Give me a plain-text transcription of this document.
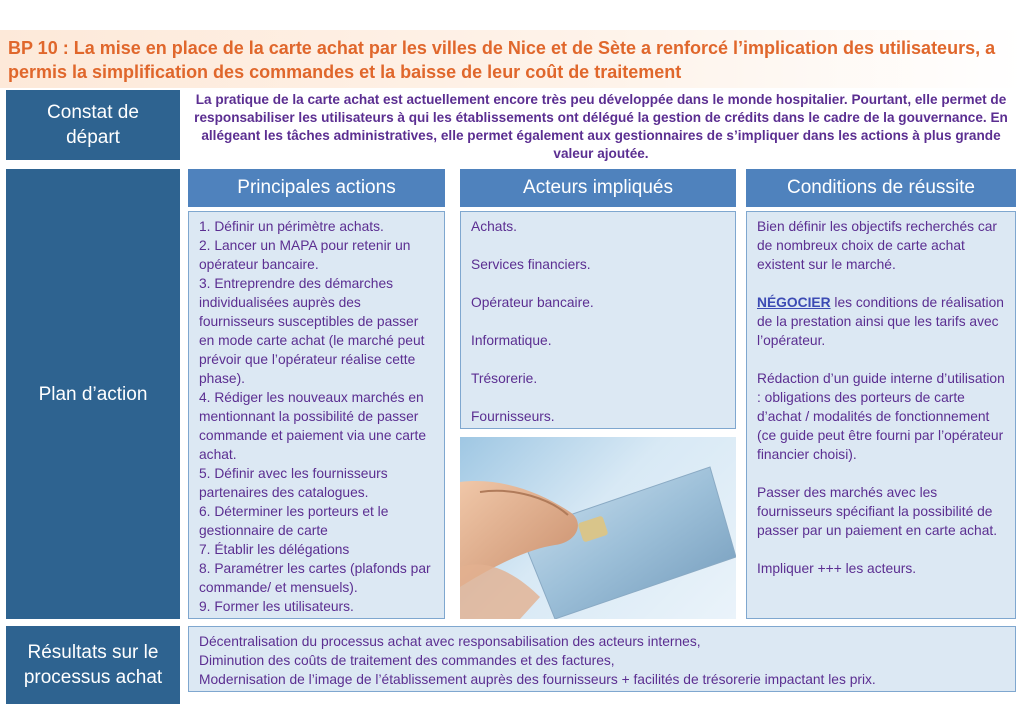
BP 10 : La mise en place de la carte achat par les villes de Nice et de Sète a renforcé l’implication des utilisateurs, a permis la simplification des commandes et la baisse de leur coût de traitement
Constat de départ
La pratique de la carte achat est actuellement encore très peu développée dans le monde hospitalier. Pourtant, elle permet de responsabiliser les utilisateurs à qui les établissements ont délégué la gestion de crédits dans le cadre de la gouvernance. En allégeant les tâches administratives, elle permet également aux gestionnaires de s’impliquer dans les actions à plus grande valeur ajoutée.
Plan d’action
Principales actions	Acteurs impliqués	Conditions de réussite
1. Définir un périmètre achats.
2. Lancer un MAPA pour retenir un opérateur bancaire.
3. Entreprendre des démarches individualisées auprès des fournisseurs susceptibles de passer en mode carte achat (le marché peut prévoir que l’opérateur réalise cette phase).
4. Rédiger les nouveaux marchés en mentionnant la possibilité de passer commande et paiement via une carte achat.
5. Définir avec les fournisseurs partenaires des catalogues.
6. Déterminer les porteurs et le gestionnaire de carte
7. Établir les délégations
8. Paramétrer les cartes (plafonds par commande/ et mensuels).
9. Former les utilisateurs.
Achats.
Services financiers.
Opérateur bancaire.
Informatique.
Trésorerie.
Fournisseurs.

Bien définir les objectifs recherchés car de nombreux choix de carte achat existent sur le marché.

NÉGOCIER les conditions de réalisation de la prestation ainsi que les tarifs avec l’opérateur.

Rédaction d’un guide interne d’utilisation : obligations des porteurs de carte d’achat / modalités de fonctionnement (ce guide peut être fourni par l’opérateur financier choisi).

Passer des marchés avec les fournisseurs spécifiant la possibilité de passer par un paiement en carte achat.

Impliquer +++ les acteurs.

Résultats sur le processus achat
Décentralisation du processus achat avec responsabilisation des acteurs internes,
Diminution des coûts de traitement des commandes et des factures,
Modernisation de l’image de l’établissement auprès des fournisseurs + facilités de trésorerie impactant les prix.
